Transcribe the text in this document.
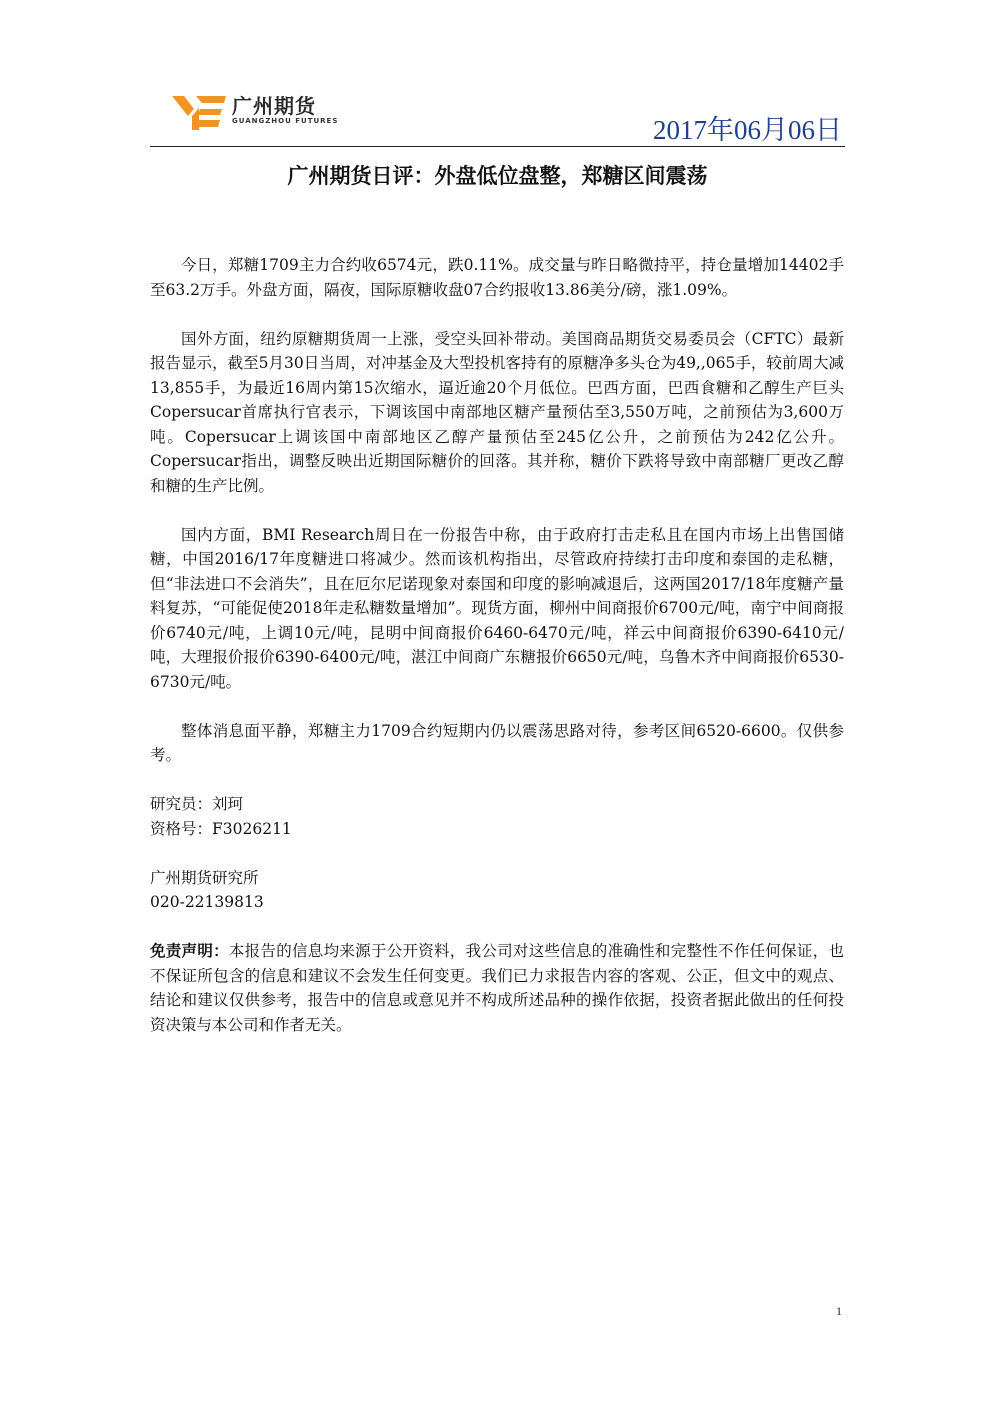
广州期货
GUANGZHOU FUTURES	2017年06月06日
广州期货日评：外盘低位盘整，郑糖区间震荡

今日，郑糖1709主力合约收6574元，跌0.11%。成交量与昨日略微持平，持仓量增加14402手至63.2万手。外盘方面，隔夜，国际原糖收盘07合约报收13.86美分/磅，涨1.09%。

国外方面，纽约原糖期货周一上涨，受空头回补带动。美国商品期货交易委员会（CFTC）最新报告显示，截至5月30日当周，对冲基金及大型投机客持有的原糖净多头仓为49,,065手，较前周大减13,855手，为最近16周内第15次缩水，逼近逾20个月低位。巴西方面，巴西食糖和乙醇生产巨头Copersucar首席执行官表示，下调该国中南部地区糖产量预估至3,550万吨，之前预估为3,600万吨。Copersucar上调该国中南部地区乙醇产量预估至245亿公升，之前预估为242亿公升。Copersucar指出，调整反映出近期国际糖价的回落。其并称，糖价下跌将导致中南部糖厂更改乙醇和糖的生产比例。

国内方面，BMI Research周日在一份报告中称，由于政府打击走私且在国内市场上出售国储糖，中国2016/17年度糖进口将减少。然而该机构指出，尽管政府持续打击印度和泰国的走私糖，但“非法进口不会消失”，且在厄尔尼诺现象对泰国和印度的影响减退后，这两国2017/18年度糖产量料复苏，“可能促使2018年走私糖数量增加”。现货方面，柳州中间商报价6700元/吨，南宁中间商报价6740元/吨，上调10元/吨，昆明中间商报价6460-6470元/吨，祥云中间商报价6390-6410元/吨，大理报价报价6390-6400元/吨，湛江中间商广东糖报价6650元/吨，乌鲁木齐中间商报价6530-6730元/吨。

整体消息面平静，郑糖主力1709合约短期内仍以震荡思路对待，参考区间6520-6600。仅供参考。

研究员：刘珂

资格号：F3026211

广州期货研究所

020-22139813

免责声明：本报告的信息均来源于公开资料，我公司对这些信息的准确性和完整性不作任何保证，也不保证所包含的信息和建议不会发生任何变更。我们已力求报告内容的客观、公正，但文中的观点、结论和建议仅供参考，报告中的信息或意见并不构成所述品种的操作依据，投资者据此做出的任何投资决策与本公司和作者无关。

1
